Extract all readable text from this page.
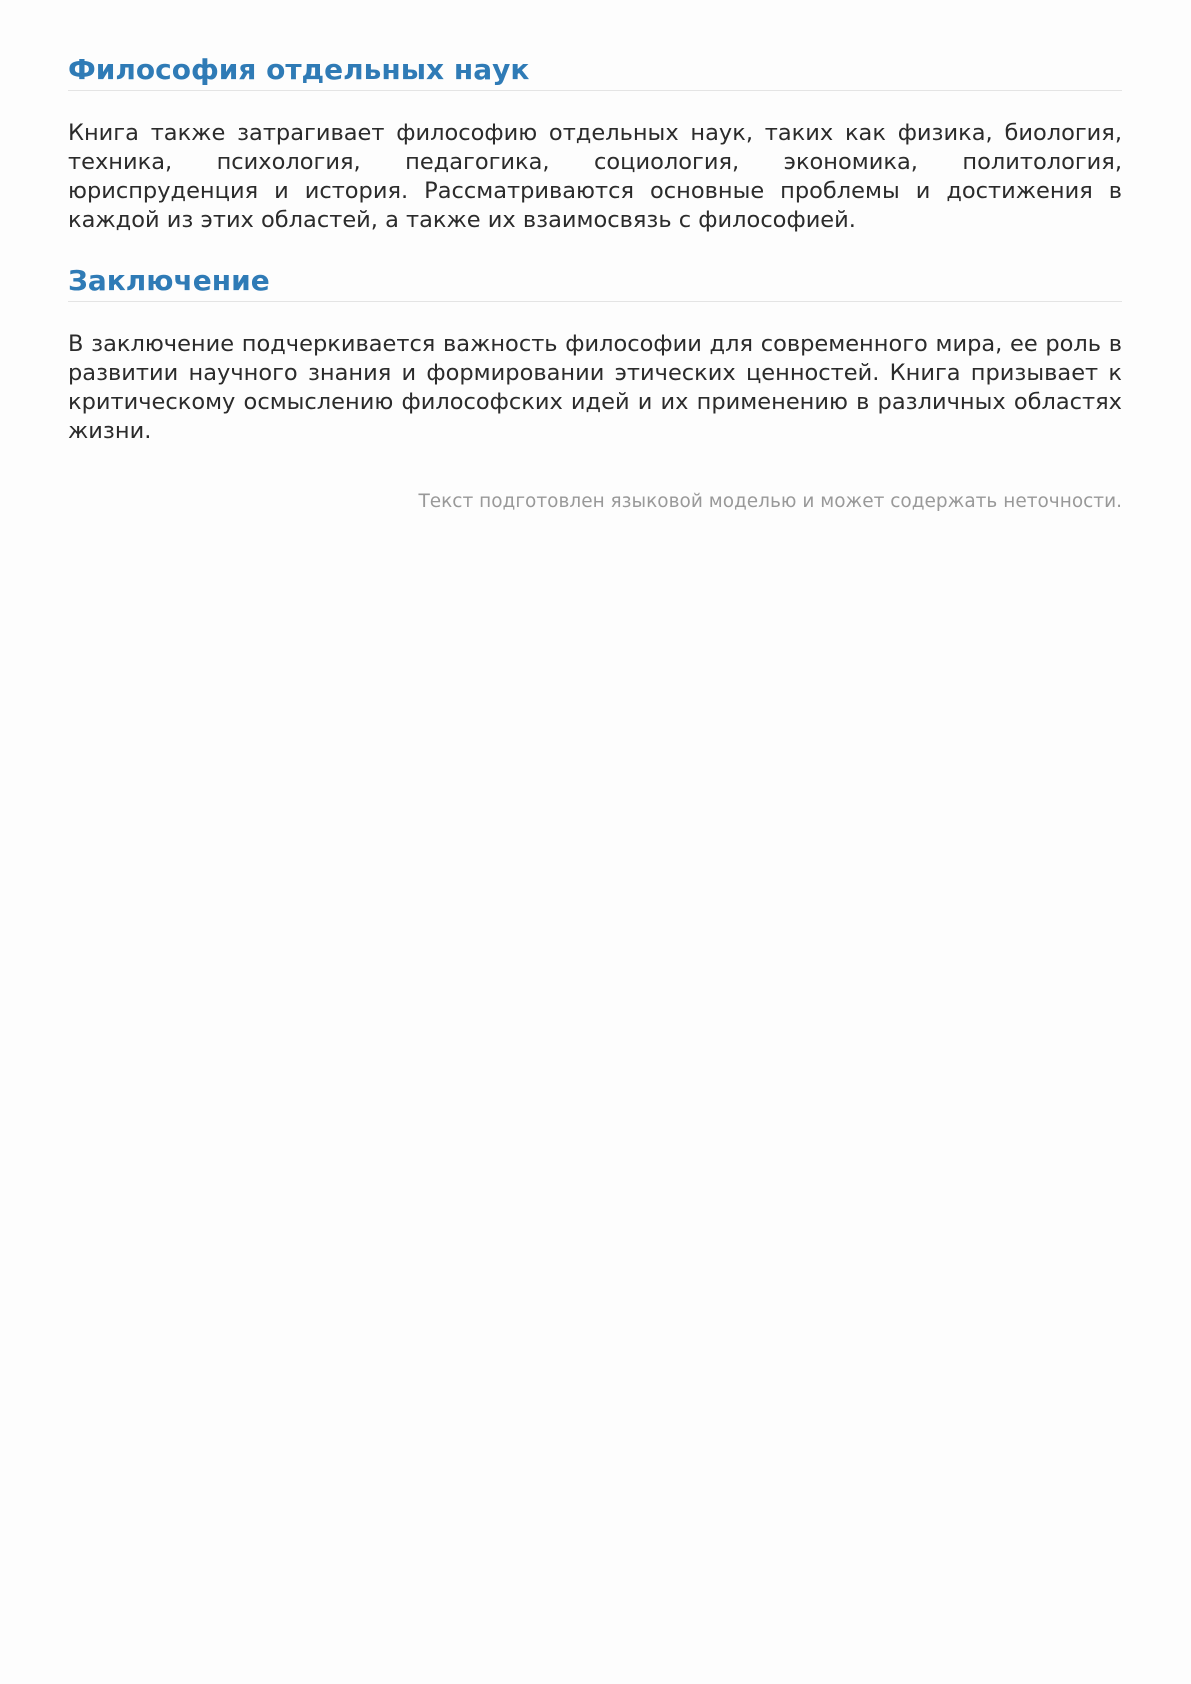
Философия отдельных наук

Книга также затрагивает философию отдельных наук, таких как физика, биология, техника, психология, педагогика, социология, экономика, политология, юриспруденция и история. Рассматриваются основные проблемы и достижения в каждой из этих областей, а также их взаимосвязь с философией.

Заключение

В заключение подчеркивается важность философии для современного мира, ее роль в развитии научного знания и формировании этических ценностей. Книга призывает к критическому осмыслению философских идей и их применению в различных областях жизни.

Текст подготовлен языковой моделью и может содержать неточности.
